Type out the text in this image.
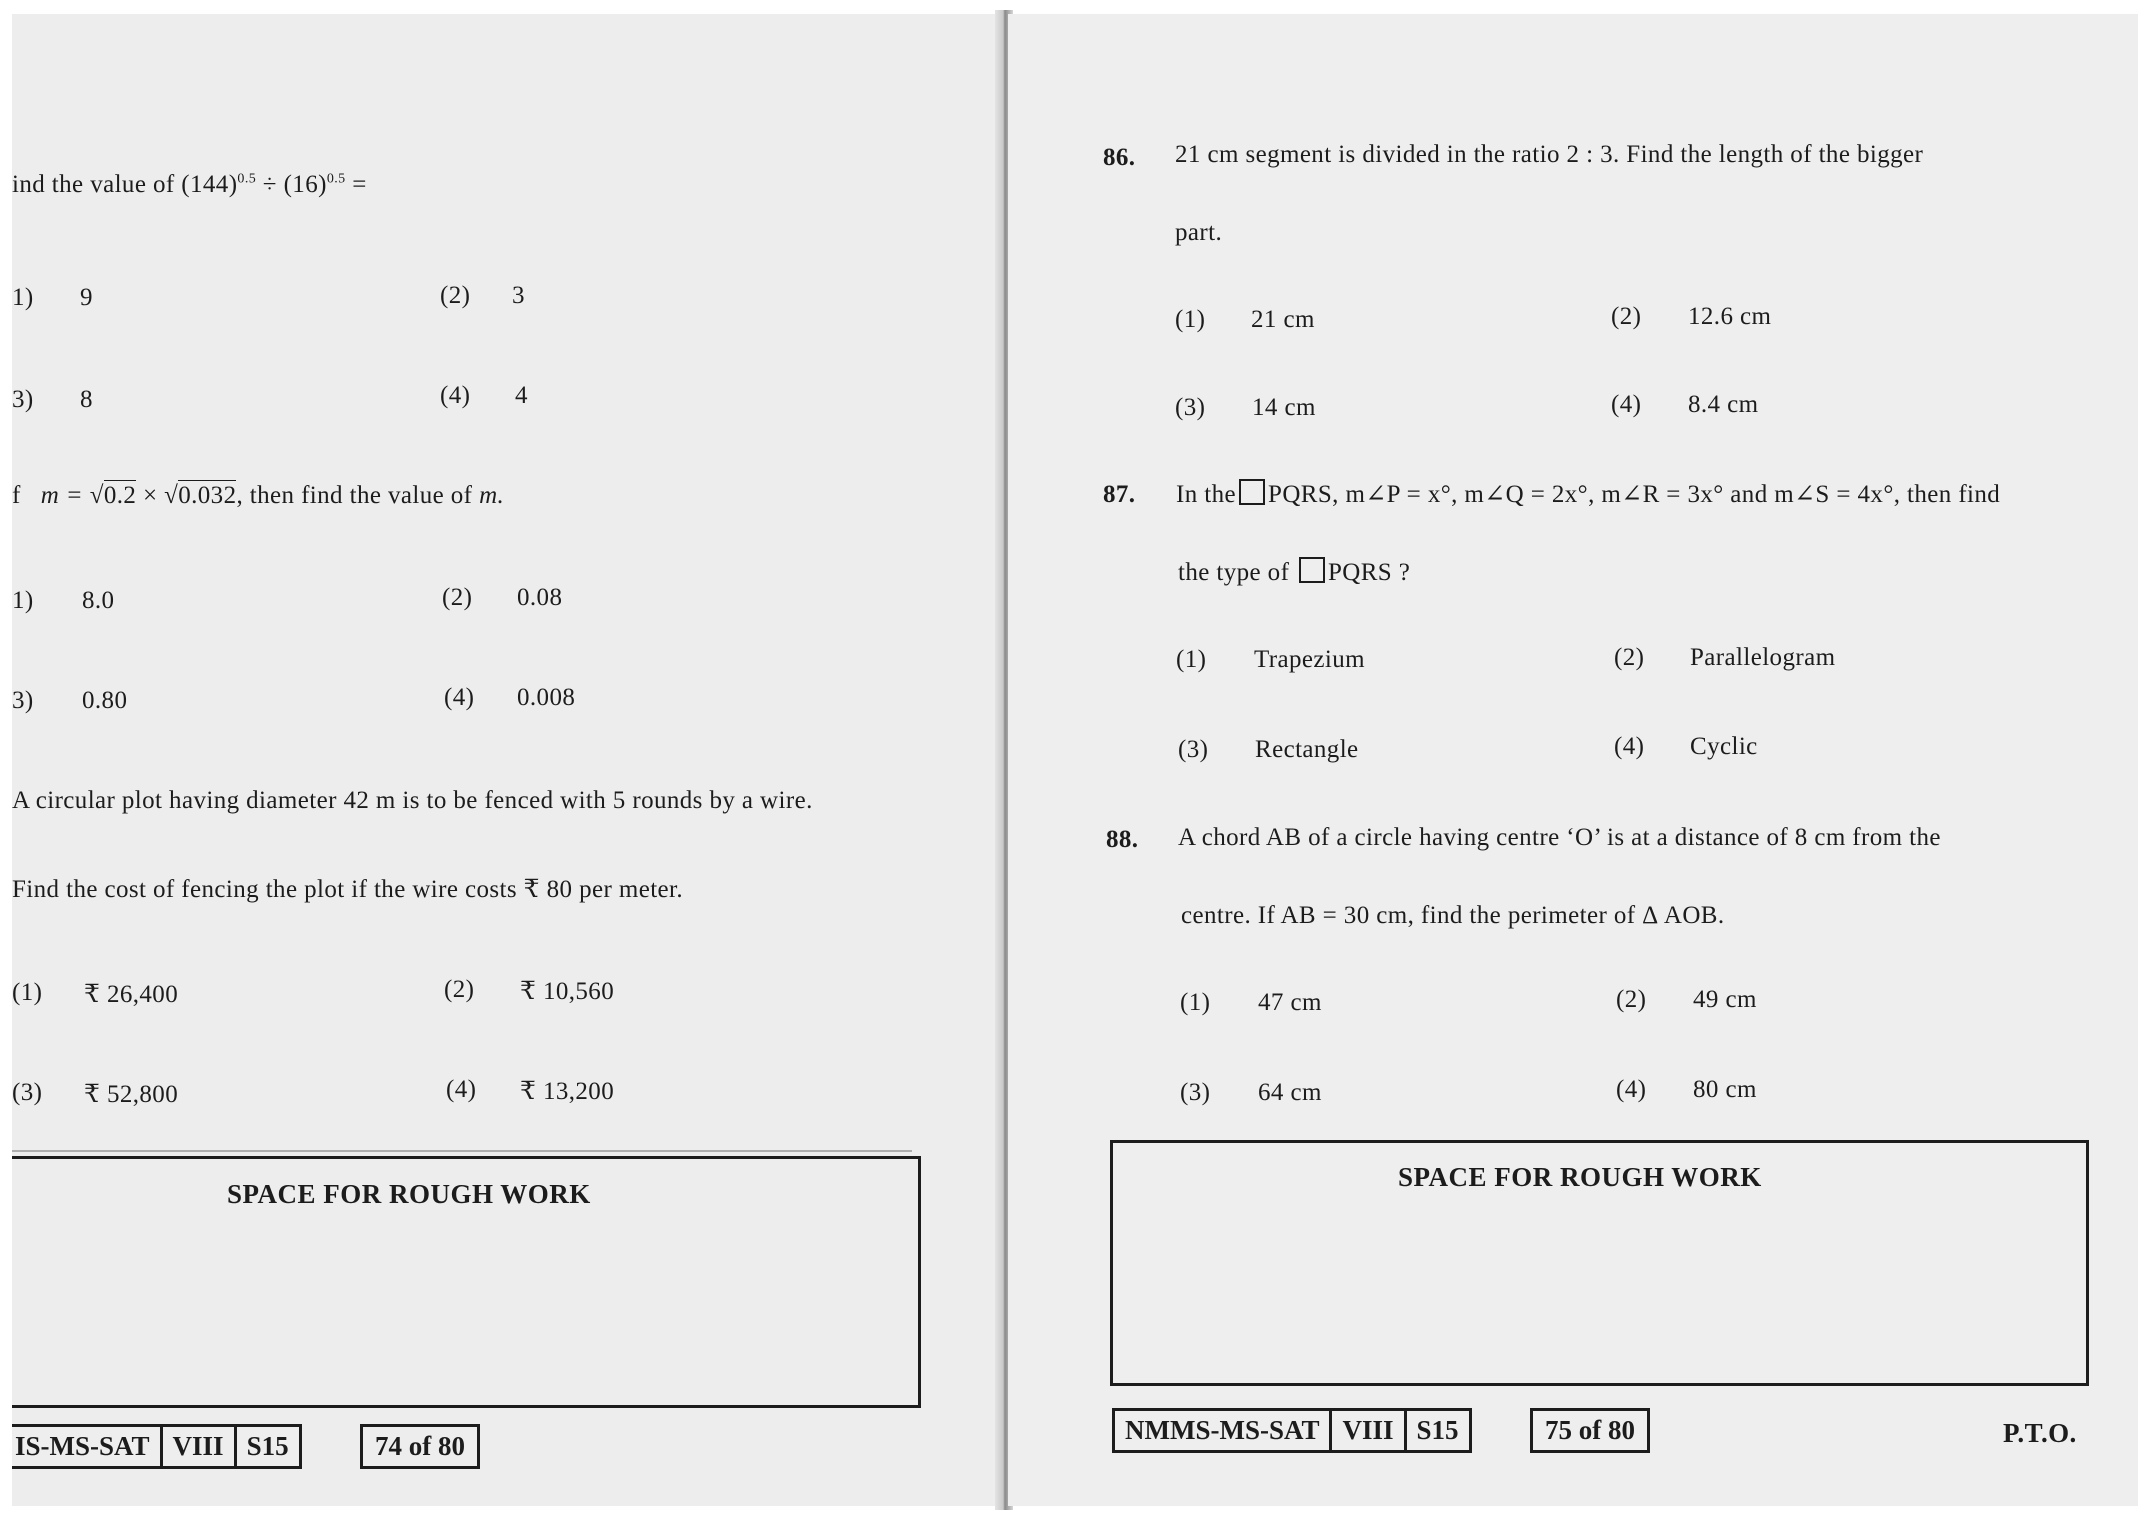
ind the value of $(144)^{0.5} \div (16)^{0.5}$ =
1) 9	(2) 3
3) 8	(4) 4
f m = √0.2 × √0.032, then find the value of m.
1) 8.0	(2) 0.08
3) 0.80	(4) 0.008
A circular plot having diameter 42 m is to be fenced with 5 rounds by a wire.
Find the cost of fencing the plot if the wire costs ₹ 80 per meter.
(1) ₹ 26,400	(2) ₹ 10,560
(3) ₹ 52,800	(4) ₹ 13,200
SPACE FOR ROUGH WORK
IS-MS-SAT VIII S15	74 of 80
86. 21 cm segment is divided in the ratio 2 : 3. Find the length of the bigger
part.
(1) 21 cm	(2) 12.6 cm
(3) 14 cm	(4) 8.4 cm
87. In the PQRS, m∠P = x°, m∠Q = 2x°, m∠R = 3x° and m∠S = 4x°, then find
the type of PQRS ?
(1) Trapezium	(2) Parallelogram
(3) Rectangle	(4) Cyclic
88. A chord AB of a circle having centre ‘O’ is at a distance of 8 cm from the
centre. If AB = 30 cm, find the perimeter of Δ AOB.
(1) 47 cm	(2) 49 cm
(3) 64 cm	(4) 80 cm
SPACE FOR ROUGH WORK
NMMS-MS-SAT VIII S15	75 of 80	P.T.O.
